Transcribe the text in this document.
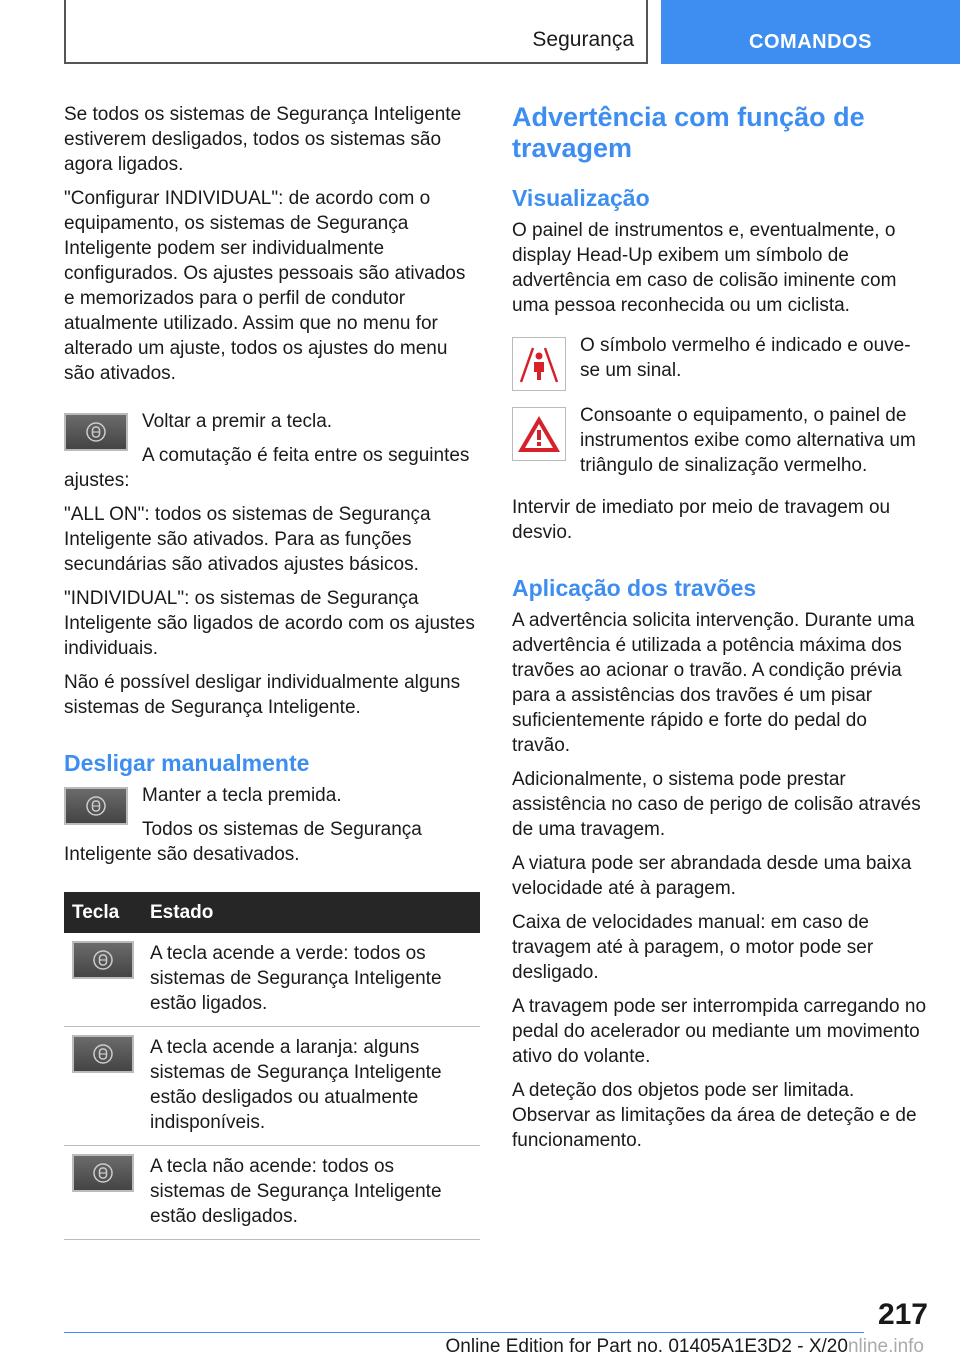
Segurança	COMANDOS

Se todos os sistemas de Segurança Inteligente estiverem desligados, todos os sistemas são agora ligados.

"Configurar INDIVIDUAL": de acordo com o equipamento, os sistemas de Segurança Inteligente podem ser individualmente configurados. Os ajustes pessoais são ativados e memorizados para o perfil de condutor atualmente utilizado. Assim que no menu for alterado um ajuste, todos os ajustes do menu são ativados.

Voltar a premir a tecla.

A comutação é feita entre os seguintes ajustes:

"ALL ON": todos os sistemas de Segurança Inteligente são ativados. Para as funções secundárias são ativados ajustes básicos.

"INDIVIDUAL": os sistemas de Segurança Inteligente são ligados de acordo com os ajustes individuais.

Não é possível desligar individualmente alguns sistemas de Segurança Inteligente.

Desligar manualmente

Manter a tecla premida.

Todos os sistemas de Segurança Inteligente são desativados.

Tecla	Estado

	A tecla acende a verde: todos os sistemas de Segurança Inteligente estão ligados.

	A tecla acende a laranja: alguns sistemas de Segurança Inteligente estão desligados ou atualmente indisponíveis.

	A tecla não acende: todos os sistemas de Segurança Inteligente estão desligados.
Advertência com função de travagem
Visualização

O painel de instrumentos e, eventualmente, o display Head-Up exibem um símbolo de advertência em caso de colisão iminente com uma pessoa reconhecida ou um ciclista.

O símbolo vermelho é indicado e ouve-se um sinal.

Consoante o equipamento, o painel de instrumentos exibe como alternativa um triângulo de sinalização vermelho.

Intervir de imediato por meio de travagem ou desvio.

Aplicação dos travões

A advertência solicita intervenção. Durante uma advertência é utilizada a potência máxima dos travões ao acionar o travão. A condição prévia para a assistências dos travões é um pisar suficientemente rápido e forte do pedal do travão.

Adicionalmente, o sistema pode prestar assistência no caso de perigo de colisão através de uma travagem.

A viatura pode ser abrandada desde uma baixa velocidade até à paragem.

Caixa de velocidades manual: em caso de travagem até à paragem, o motor pode ser desligado.

A travagem pode ser interrompida carregando no pedal do acelerador ou mediante um movimento ativo do volante.

A deteção dos objetos pode ser limitada. Observar as limitações da área de deteção e de funcionamento.

217
Online Edition for Part no. 01405A1E3D2 - X/20nline.info
